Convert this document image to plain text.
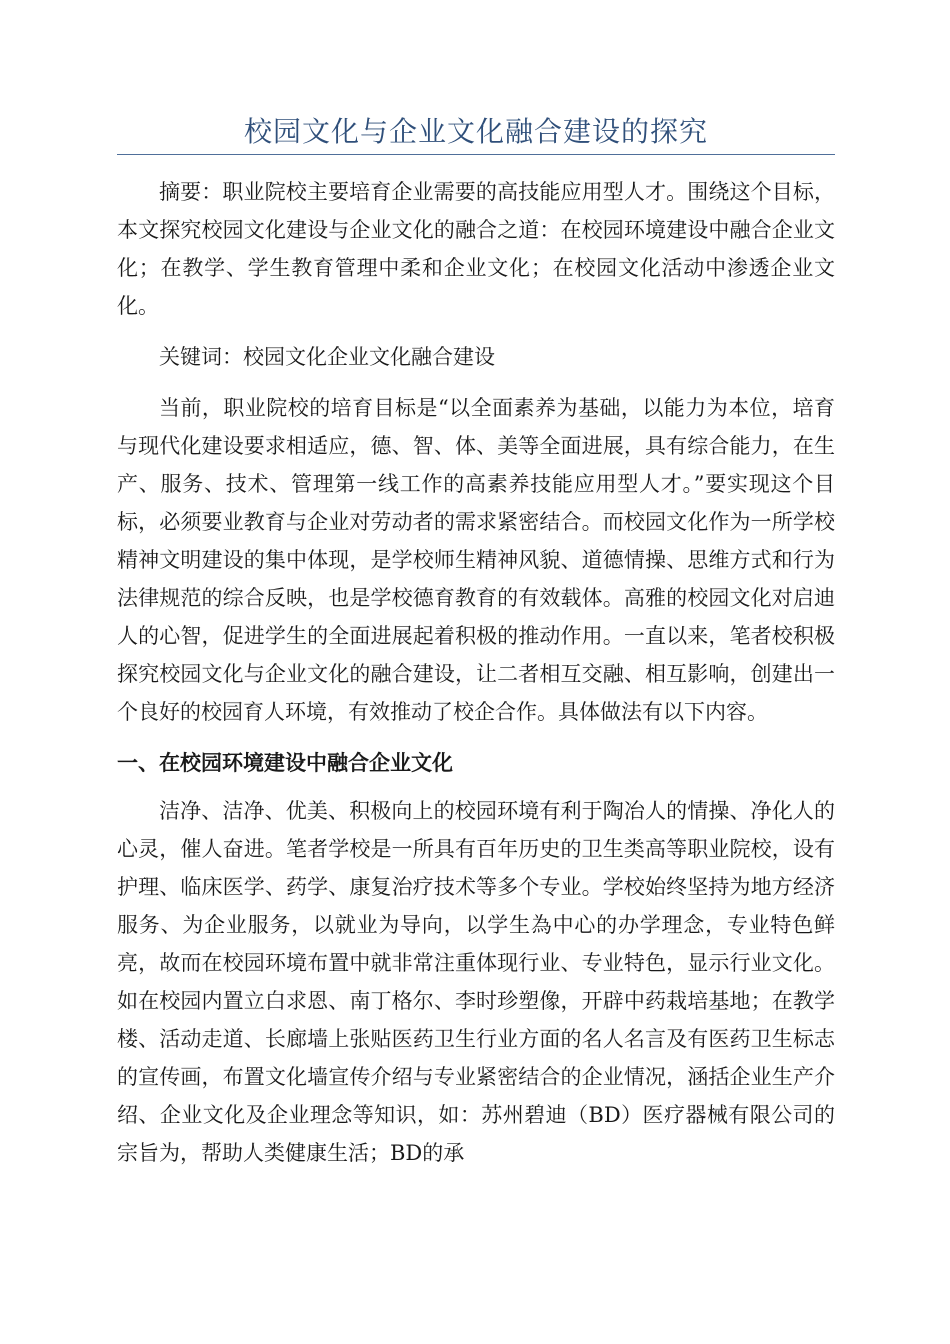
校园文化与企业文化融合建设的探究

摘要：职业院校主要培育企业需要的高技能应用型人才。围绕这个目标，本文探究校园文化建设与企业文化的融合之道：在校园环境建设中融合企业文化；在教学、学生教育管理中柔和企业文化；在校园文化活动中渗透企业文化。

关键词：校园文化企业文化融合建设

当前，职业院校的培育目标是“以全面素养为基础，以能力为本位，培育与现代化建设要求相适应，德、智、体、美等全面进展，具有综合能力，在生产、服务、技术、管理第一线工作的高素养技能应用型人才。”要实现这个目标，必须要业教育与企业对劳动者的需求紧密结合。而校园文化作为一所学校精神文明建设的集中体现，是学校师生精神风貌、道德情操、思维方式和行为法律规范的综合反映，也是学校德育教育的有效载体。高雅的校园文化对启迪人的心智，促进学生的全面进展起着积极的推动作用。一直以来，笔者校积极探究校园文化与企业文化的融合建设，让二者相互交融、相互影响，创建出一个良好的校园育人环境，有效推动了校企合作。具体做法有以下内容。

一、在校园环境建设中融合企业文化

洁净、洁净、优美、积极向上的校园环境有利于陶冶人的情操、净化人的心灵，催人奋进。笔者学校是一所具有百年历史的卫生类高等职业院校，设有护理、临床医学、药学、康复治疗技术等多个专业。学校始终坚持为地方经济服务、为企业服务，以就业为导向，以学生為中心的办学理念，专业特色鲜亮，故而在校园环境布置中就非常注重体现行业、专业特色，显示行业文化。如在校园内置立白求恩、南丁格尔、李时珍塑像，开辟中药栽培基地；在教学楼、活动走道、长廊墙上张贴医药卫生行业方面的名人名言及有医药卫生标志的宣传画，布置文化墙宣传介绍与专业紧密结合的企业情况，涵括企业生产介绍、企业文化及企业理念等知识，如：苏州碧迪（BD）医疗器械有限公司的宗旨为，帮助人类健康生活；BD的承
